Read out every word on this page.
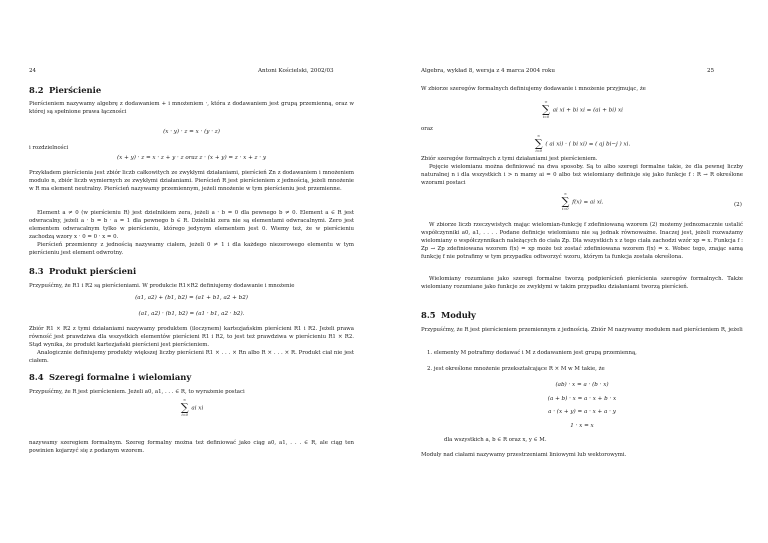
24	Antoni Kościelski, 2002/03
8.2 Pierścienie
Pierścieniem nazywamy algebrę z dodawaniem + i mnożeniem ·, która z dodawaniem jest grupą przemienną, oraz w której są spełnione prawa łączności
(x · y) · z = x · (y · z)
i rozdzielności
(x + y) · z = x · z + y · z oraz z · (x + y) = z · x + z · y
Przykładem pierścienia jest zbiór liczb całkowitych ze zwykłymi działaniami, pierścień Zn z dodawaniem i mnożeniem modulo n, zbiór liczb wymiernych ze zwykłymi działaniami. Pierścień R jest pierścieniem z jednością, jeżeli mnożenie w R ma element neutralny. Pierścień nazywamy przemiennym, jeżeli mnożenie w tym pierścieniu jest przemienne.
Element a ≠ 0 (w pierścieniu R) jest dzielnikiem zera, jeżeli a · b = 0 dla pewnego b ≠ 0. Element a ∈ R jest odwracalny, jeżeli a · b = b · a = 1 dla pewnego b ∈ R. Dzielniki zera nie są elementami odwracalnymi. Zero jest elementem odwracalnym tylko w pierścieniu, którego jedynym elementem jest 0. Wiemy też, że w pierścieniu zachodzą wzory x · 0 = 0 · x = 0.
Pierścień przemienny z jednością nazywamy ciałem, jeżeli 0 ≠ 1 i dla każdego niezerowego elementu w tym pierścieniu jest element odwrotny.
8.3 Produkt pierścieni
Przypuśćmy, że R1 i R2 są pierścieniami. W produkcie R1×R2 definiujemy dodawanie i mnożenie
(a1, a2) + (b1, b2) = (a1 + b1, a2 + b2)
(a1, a2) · (b1, b2) = (a1 · b1, a2 · b2).
Zbiór R1 × R2 z tymi działaniami nazywamy produktem (iloczynem) kartezjańskim pierścieni R1 i R2. Jeżeli prawa równość jest prawdziwa dla wszystkich elementów pierścieni R1 i R2, to jest też prawdziwa w pierścieniu R1 × R2. Stąd wynika, że produkt kartezjański pierścieni jest pierścieniem.
Analogicznie definiujemy produkty większej liczby pierścieni R1 × . . . × Rn albo R × . . . × R. Produkt ciał nie jest ciałem.
8.4 Szeregi formalne i wielomiany
Przypuśćmy, że R jest pierścieniem. Jeżeli a0, a1, . . . ∈ R, to wyrażenie postaci
∞
∑
i=0
ai xi
nazywamy szeregiem formalnym. Szereg formalny można też definiować jako ciąg a0, a1, . . . ∈ R, ale ciąg ten powinien kojarzyć się z podanym wzorem.
Algebra, wykład 8, wersja z 4 marca 2004 roku	25
W zbiorze szeregów formalnych definiujemy dodawanie i mnożenie przyjmując, że
∞
∑
i=0
ai xi + bi xi = (ai + bi) xi
oraz
∞
∑
i=0
( ai xi) · ( bi xi) = ( aj bi−j ) xi.
Zbiór szeregów formalnych z tymi działaniami jest pierścieniem.
Pojęcie wielomianu można definiować na dwa sposoby. Są to albo szeregi formalne takie, że dla pewnej liczby naturalnej n i dla wszystkich i > n mamy ai = 0 albo też wielomiany definiuje się jako funkcje f : R → R określone wzorami postaci
∞
∑
i=0
f(x) = ai xi.	(2)
W zbiorze liczb rzeczywistych mając wielomian-funkcję f zdefiniowaną wzorem (2) możemy jednoznacznie ustalić współczynniki a0, a1, . . . . Podane definicje wielomianu nie są jednak równoważne. Inaczej jest, jeżeli rozważamy wielomiany o współczynnikach należących do ciała Zp. Dla wszystkich x z tego ciała zachodzi wzór xp = x. Funkcja f : Zp → Zp zdefiniowana wzorem f(x) = xp może też zostać zdefiniowana wzorem f(x) = x. Wobec tego, znając samą funkcję f nie potrafimy w tym przypadku odtworzyć wzoru, którym ta funkcja została określona.
Wielomiany rozumiane jako szeregi formalne tworzą podpierścień pierścienia szeregów formalnych. Także wielomiany rozumiane jako funkcje ze zwykłymi w takim przypadku działaniami tworzą pierścień.
8.5 Moduły
Przypuśćmy, że R jest pierścieniem przemiennym z jednością. Zbiór M nazywamy modułem nad pierścieniem R, jeżeli
1. elementy M potrafimy dodawać i M z dodawaniem jest grupą przemienną,
2. jest określone mnożenie przekształcające R × M w M takie, że
(ab) · x = a · (b · x)
(a + b) · x = a · x + b · x
a · (x + y) = a · x + a · y
1 · x = x
dla wszystkich a, b ∈ R oraz x, y ∈ M.
Moduły nad ciałami nazywamy przestrzeniami liniowymi lub wektorowymi.
